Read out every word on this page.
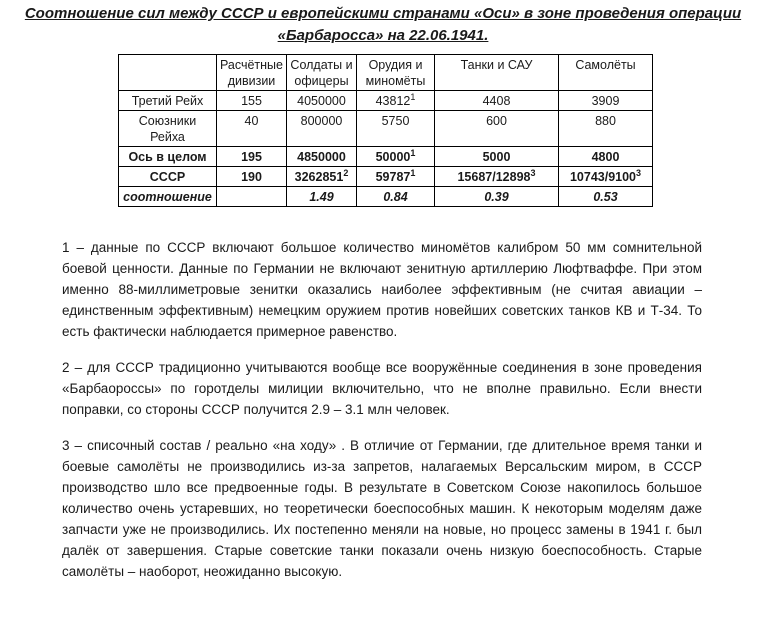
Соотношение сил между СССР и европейскими странами «Оси» в зоне проведения операции
«Барбаросса» на 22.06.1941.
	Расчётные дивизии	Солдаты и офицеры	Орудия и миномёты	Танки и САУ	Самолёты
Третий Рейх	155	4050000	43812$^1$	4408	3909
Союзники Рейха	40	800000	5750	600	880
Ось в целом	195	4850000	50000$^1$	5000	4800
СССР	190	3262851$^2$	59787$^1$	15687/12898$^3$	10743/9100$^3$
соотношение		1.49	0.84	0.39	0.53

1 – данные по СССР включают большое количество миномётов калибром 50 мм сомнительной боевой ценности. Данные по Германии не включают зенитную артиллерию Люфтваффе. При этом именно 88-миллиметровые зенитки оказались наиболее эффективным (не считая авиации – единственным эффективным) немецким оружием против новейших советских танков КВ и Т-34. То есть фактически наблюдается примерное равенство.

2 – для СССР традиционно учитываются вообще все вооружённые соединения в зоне проведения «Барбаороссы» по горотделы милиции включительно, что не вполне правильно. Если внести поправки, со стороны СССР получится 2.9 – 3.1 млн человек.

3 – списочный состав / реально «на ходу» . В отличие от Германии, где длительное время танки и боевые самолёты не производились из-за запретов, налагаемых Версальским миром, в СССР производство шло все предвоенные годы. В результате в Советском Союзе накопилось большое количество очень устаревших, но теоретически боеспособных машин. К некоторым моделям даже запчасти уже не производились. Их постепенно меняли на новые, но процесс замены в 1941 г. был далёк от завершения. Старые советские танки показали очень низкую боеспособность. Старые самолёты – наоборот, неожиданно высокую.
